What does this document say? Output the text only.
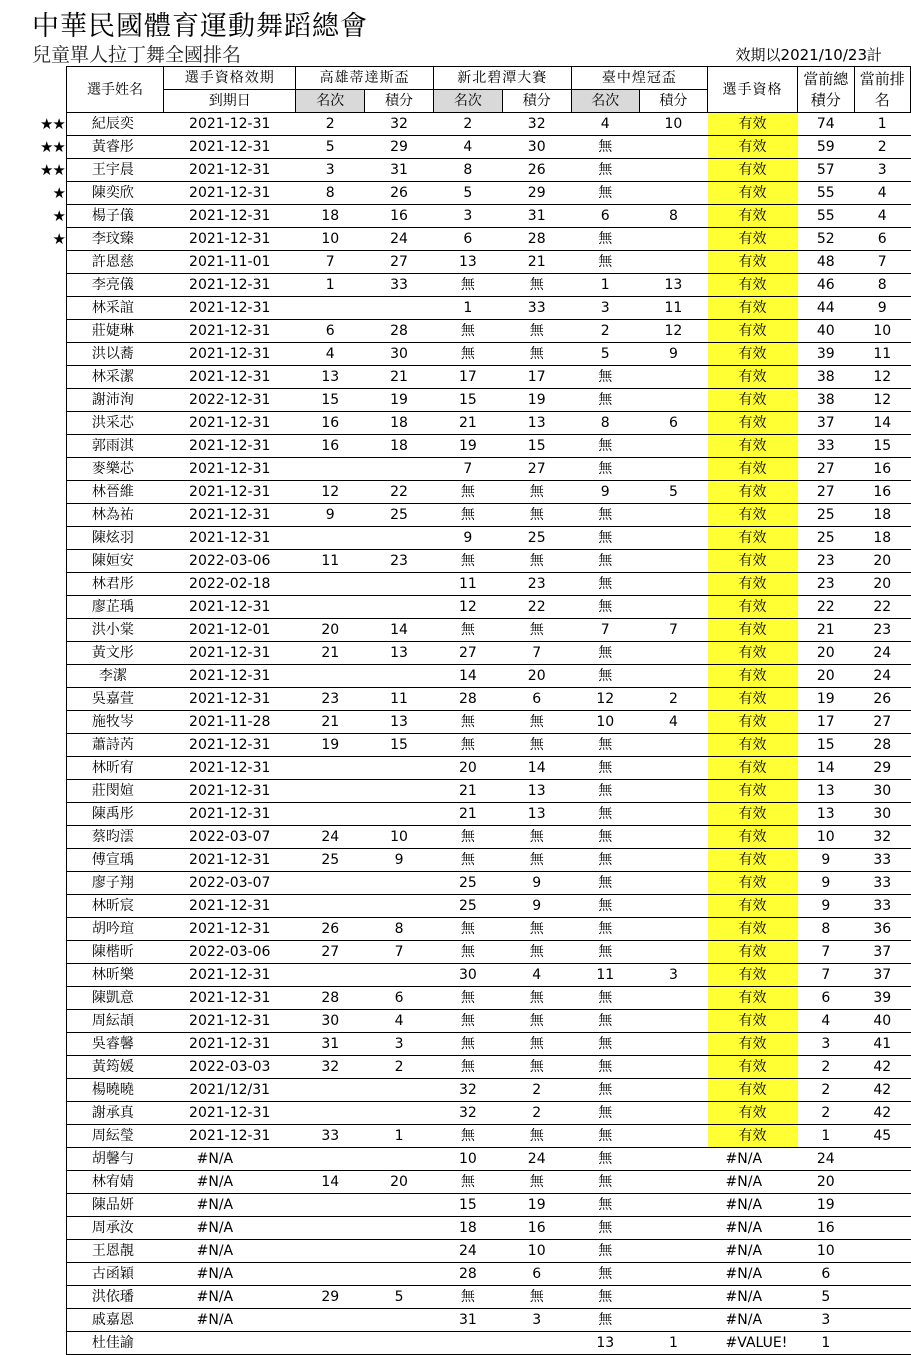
中華民國體育運動舞蹈總會
兒童單人拉丁舞全國排名	效期以2021/10/23計
	選手姓名	選手資格效期	高雄蒂達斯盃		新北碧潭大賽		臺中煌冠盃		選手資格	當前總積分	當前排名
		到期日	名次	積分	名次	積分	名次	積分			
★★	紀辰奕	2021-12-31	2	32	2	32	4	10	有效	74	1
★★	黃睿彤	2021-12-31	5	29	4	30	無		有效	59	2
★★	王宇晨	2021-12-31	3	31	8	26	無		有效	57	3
★	陳奕欣	2021-12-31	8	26	5	29	無		有效	55	4
★	楊子儀	2021-12-31	18	16	3	31	6	8	有效	55	4
★	李玟臻	2021-12-31	10	24	6	28	無		有效	52	6
	許恩慈	2021-11-01	7	27	13	21	無		有效	48	7
	李亮儀	2021-12-31	1	33	無	無	1	13	有效	46	8
	林采誼	2021-12-31			1	33	3	11	有效	44	9
	莊婕琳	2021-12-31	6	28	無	無	2	12	有效	40	10
	洪以蕎	2021-12-31	4	30	無	無	5	9	有效	39	11
	林采潔	2021-12-31	13	21	17	17	無		有效	38	12
	謝沛洵	2022-12-31	15	19	15	19	無		有效	38	12
	洪采芯	2021-12-31	16	18	21	13	8	6	有效	37	14
	郭雨淇	2021-12-31	16	18	19	15	無		有效	33	15
	麥樂芯	2021-12-31			7	27	無		有效	27	16
	林晉維	2021-12-31	12	22	無	無	9	5	有效	27	16
	林為祐	2021-12-31	9	25	無	無	無		有效	25	18
	陳炫羽	2021-12-31			9	25	無		有效	25	18
	陳姮安	2022-03-06	11	23	無	無	無		有效	23	20
	林君彤	2022-02-18			11	23	無		有效	23	20
	廖芷瑀	2021-12-31			12	22	無		有效	22	22
	洪小棠	2021-12-01	20	14	無	無	7	7	有效	21	23
	黃文彤	2021-12-31	21	13	27	7	無		有效	20	24
	李潔	2021-12-31			14	20	無		有效	20	24
	吳嘉萱	2021-12-31	23	11	28	6	12	2	有效	19	26
	施牧岑	2021-11-28	21	13	無	無	10	4	有效	17	27
	蕭詩芮	2021-12-31	19	15	無	無	無		有效	15	28
	林昕宥	2021-12-31			20	14	無		有效	14	29
	莊閔媗	2021-12-31			21	13	無		有效	13	30
	陳禹彤	2021-12-31			21	13	無		有效	13	30
	蔡昀澐	2022-03-07	24	10	無	無	無		有效	10	32
	傅宣瑀	2021-12-31	25	9	無	無	無		有效	9	33
	廖子翔	2022-03-07			25	9	無		有效	9	33
	林昕宸	2021-12-31			25	9	無		有效	9	33
	胡吟瑄	2021-12-31	26	8	無	無	無		有效	8	36
	陳楷昕	2022-03-06	27	7	無	無	無		有效	7	37
	林昕樂	2021-12-31			30	4	11	3	有效	7	37
	陳凱意	2021-12-31	28	6	無	無	無		有效	6	39
	周紜頡	2021-12-31	30	4	無	無	無		有效	4	40
	吳睿馨	2021-12-31	31	3	無	無	無		有效	3	41
	黃筠媛	2022-03-03	32	2	無	無	無		有效	2	42
	楊曉曉	2021/12/31			32	2	無		有效	2	42
	謝承真	2021-12-31			32	2	無		有效	2	42
	周紜瑩	2021-12-31	33	1	無	無	無		有效	1	45
	胡馨勻	#N/A			10	24	無		#N/A	24	
	林宥婧	#N/A	14	20	無	無	無		#N/A	20	
	陳品妍	#N/A			15	19	無		#N/A	19	
	周承汝	#N/A			18	16	無		#N/A	16	
	王恩靚	#N/A			24	10	無		#N/A	10	
	古函穎	#N/A			28	6	無		#N/A	6	
	洪依璠	#N/A	29	5	無	無	無		#N/A	5	
	戚嘉恩	#N/A			31	3	無		#N/A	3	
	杜佳諭						13	1	#VALUE!	1	
